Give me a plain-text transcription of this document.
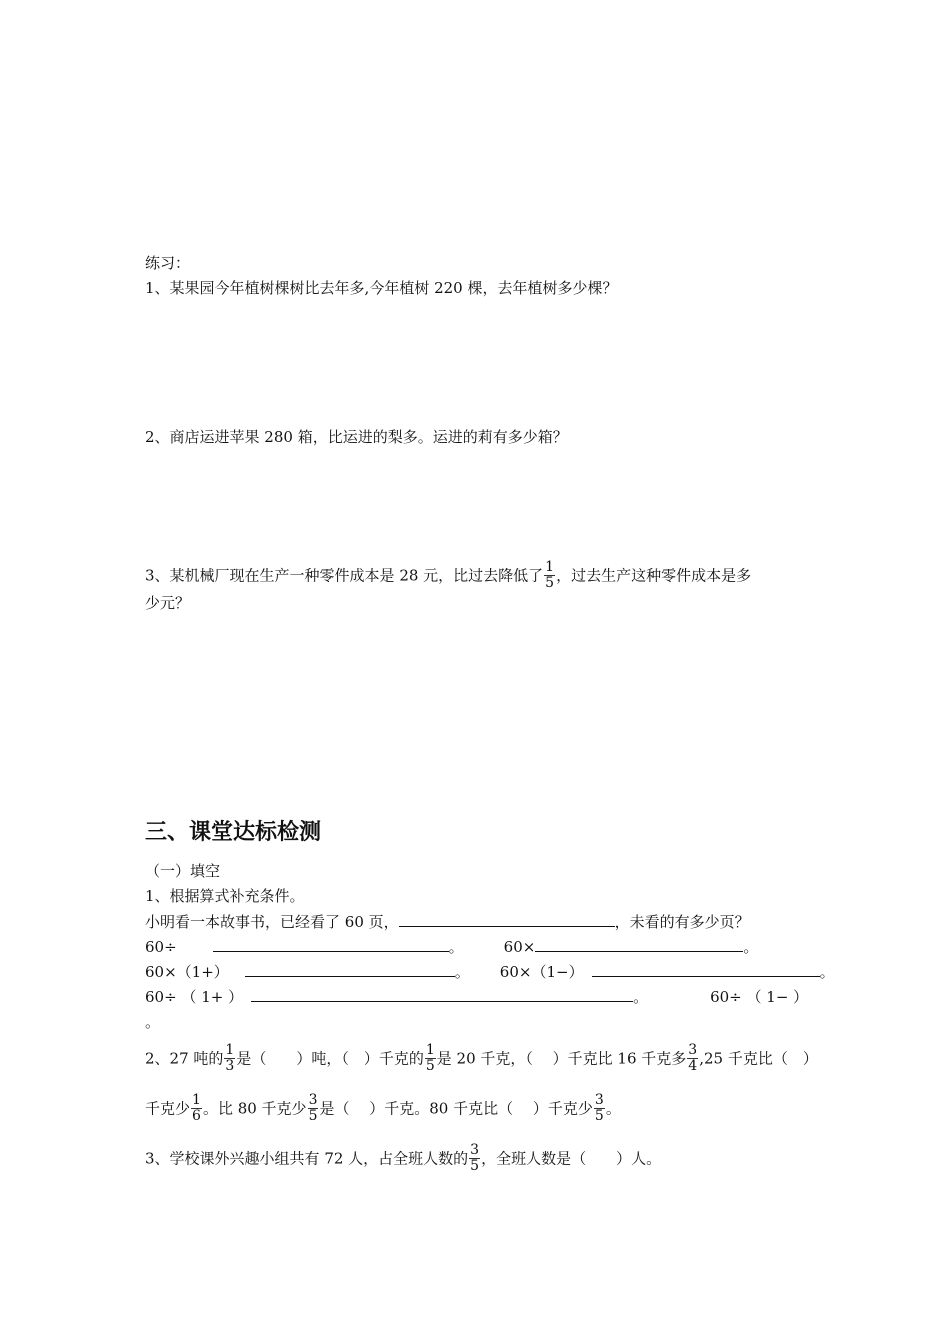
练习：
1、某果园今年植树棵树比去年多,今年植树 220 棵，去年植树多少棵？
2、商店运进苹果 280 箱，比运进的梨多。运进的莉有多少箱？
3、某机械厂现在生产一种零件成本是 28 元，比过去降低了 $\frac{1}{5}$ ，过去生产这种零件成本是多
少元？
三、课堂达标检测
（一）填空
1、根据算式补充条件。
小明看一本故事书，已经看了 60 页，	，未看的有多少页？
60÷	。	60×	。
60×（1+）	。 60×（1−）	。
60÷ （ 1+ ）	。	60÷ （ 1− ）
。
2、27 吨的 $\frac{1}{3}$ 是（　　）吨，（　）千克的 $\frac{1}{5}$ 是 20 千克，（　 ）千克比 16 千克多 $\frac{3}{4} ,25$ 千克比（　）
千克少 $\frac{1}{6}$ 。比 80 千克少 $\frac{3}{5}$ 是（　 ）千克。80 千克比（　 ）千克少 $\frac{3}{5}$ 。
3、学校课外兴趣小组共有 72 人，占全班人数的 $\frac{3}{5}$ ，全班人数是（　　）人。
